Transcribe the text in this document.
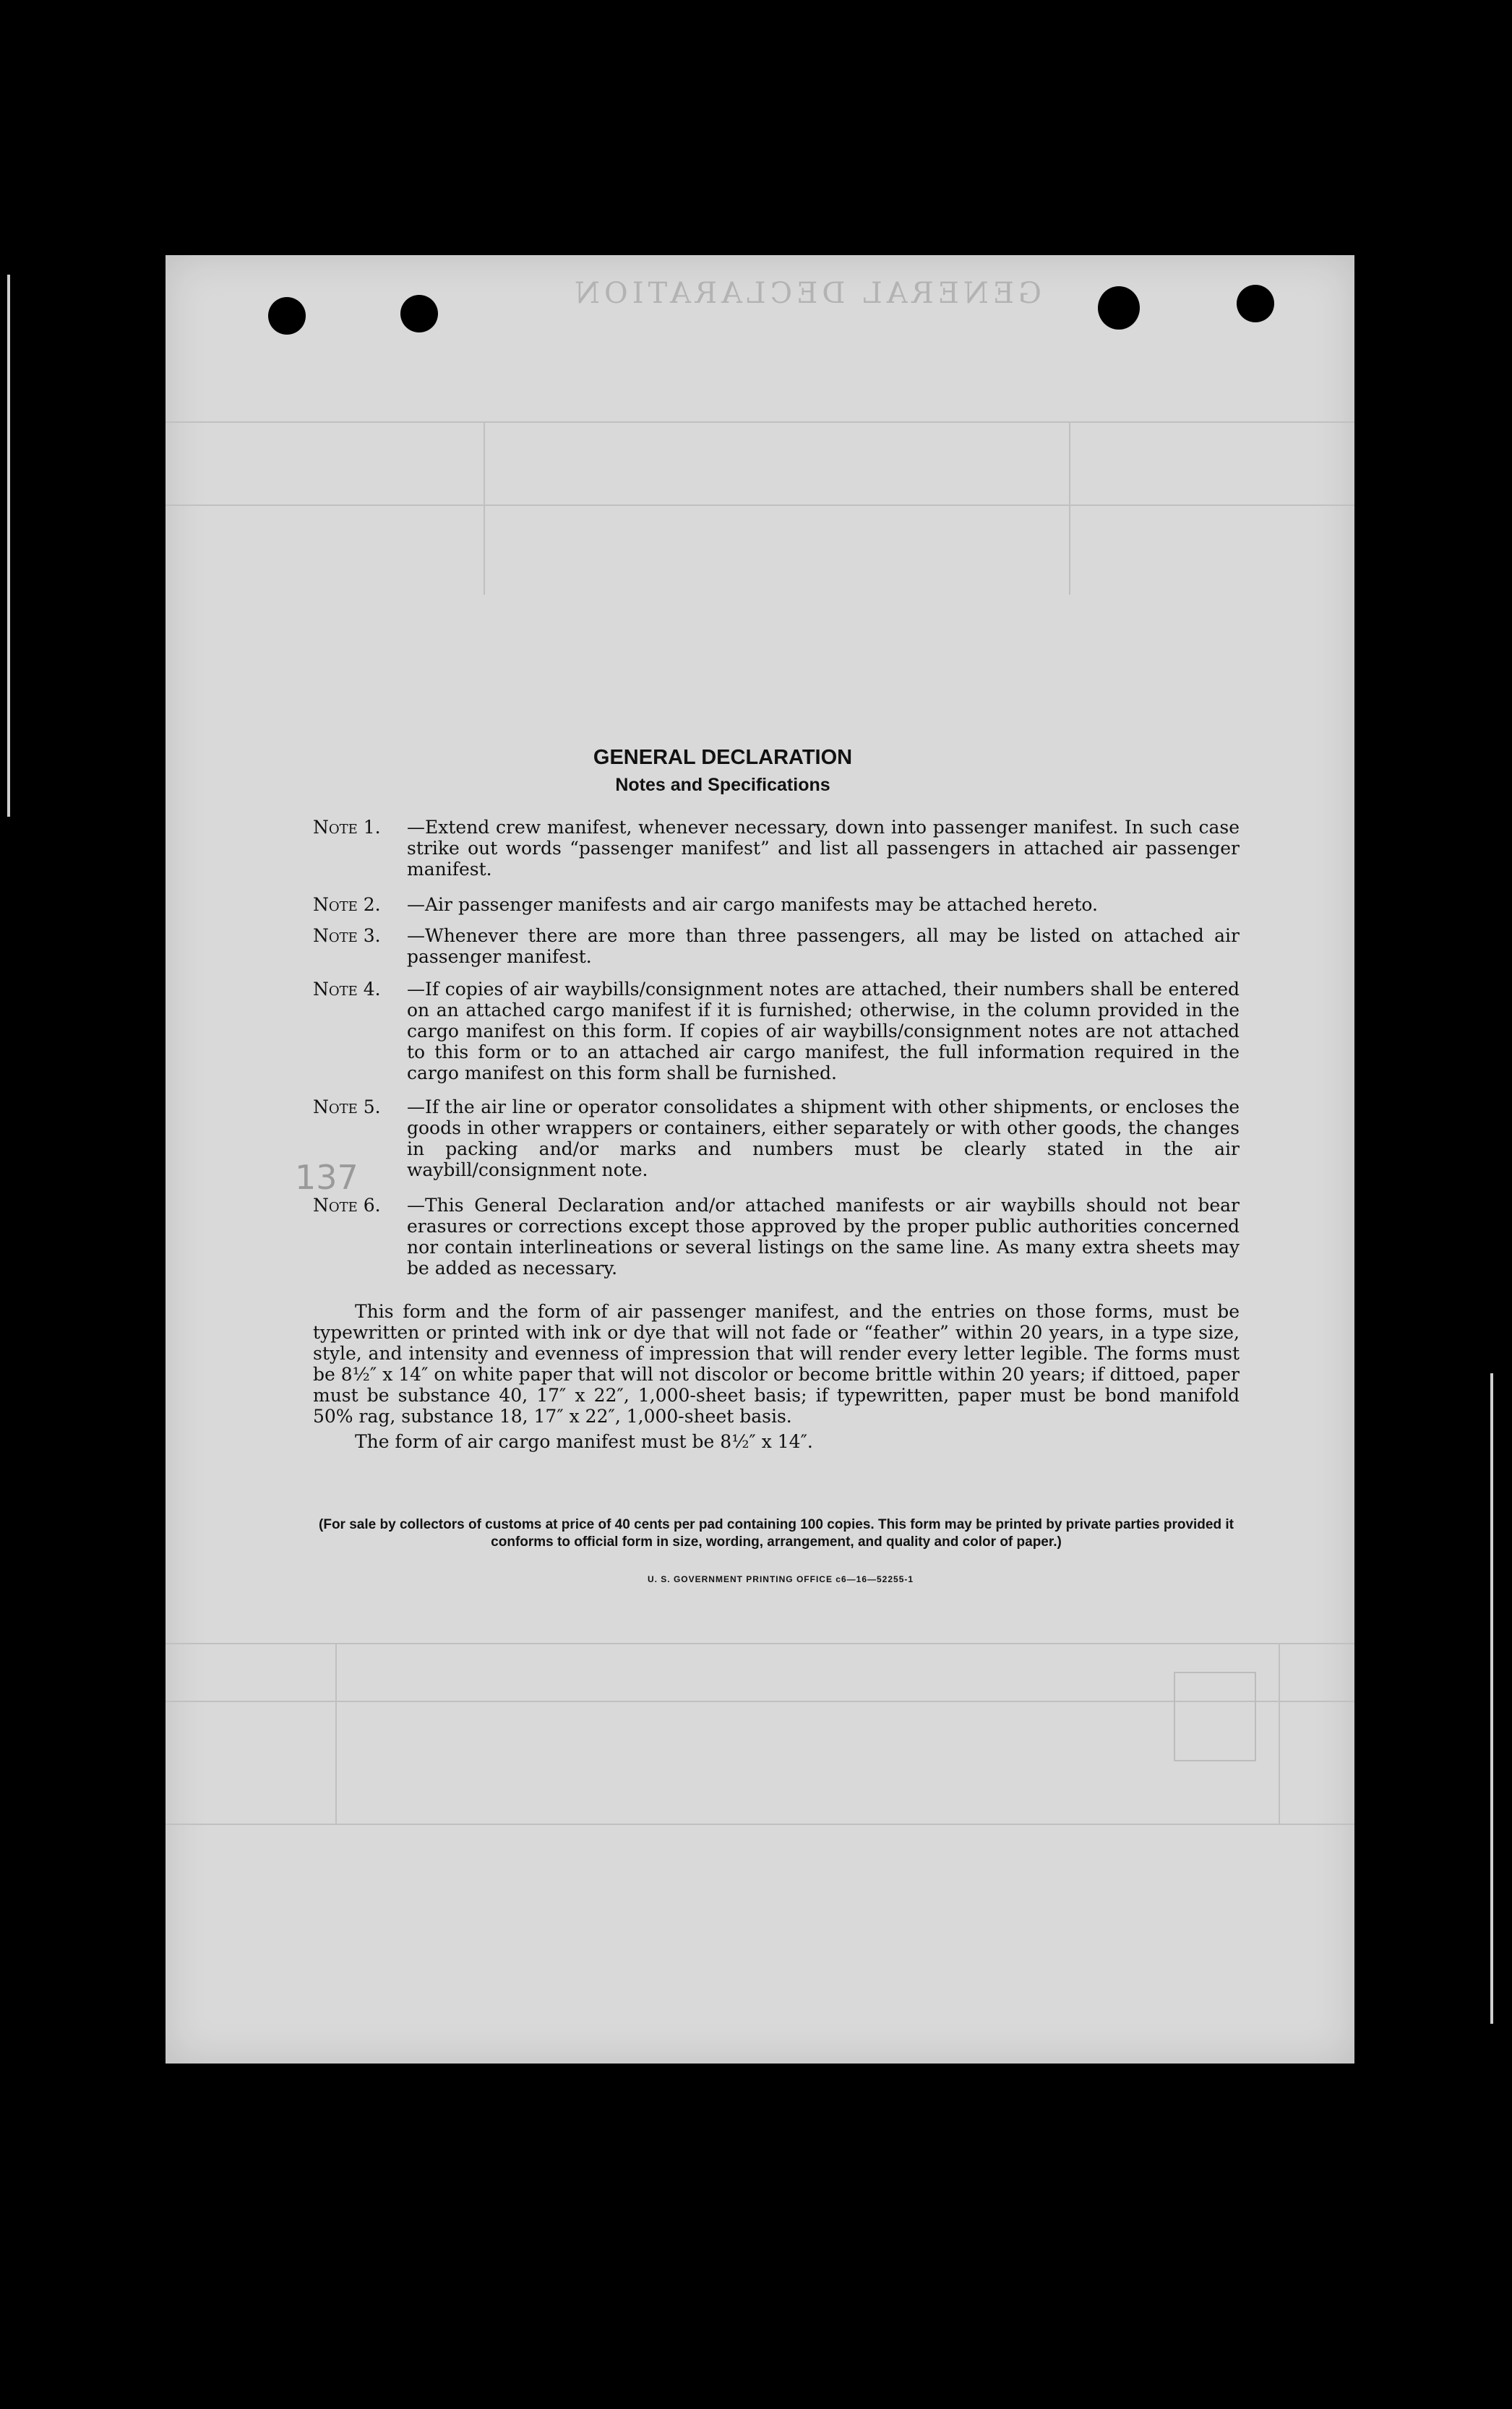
GENERAL DECLARATION
GENERAL DECLARATION
Notes and Specifications
Note 1.	—Extend crew manifest, whenever necessary, down into passenger manifest. In such case strike out words “passenger manifest” and list all passengers in attached air passenger manifest.
Note 2.	—Air passenger manifests and air cargo manifests may be attached hereto.
Note 3.	—Whenever there are more than three passengers, all may be listed on attached air passenger manifest.
Note 4.	—If copies of air waybills/consignment notes are attached, their numbers shall be entered on an attached cargo manifest if it is furnished; otherwise, in the column provided in the cargo manifest on this form. If copies of air waybills/consignment notes are not attached to this form or to an attached air cargo manifest, the full information required in the cargo manifest on this form shall be furnished.
Note 5.	—If the air line or operator consolidates a shipment with other shipments, or encloses the goods in other wrappers or containers, either separately or with other goods, the changes in packing and/or marks and numbers must be clearly stated in the air waybill/consignment note.
Note 6.	—This General Declaration and/or attached manifests or air waybills should not bear erasures or corrections except those approved by the proper public authorities concerned nor contain interlineations or several listings on the same line. As many extra sheets may be added as necessary.
This form and the form of air passenger manifest, and the entries on those forms, must be typewritten or printed with ink or dye that will not fade or “feather” within 20 years, in a type size, style, and intensity and evenness of impression that will render every letter legible. The forms must be 8½″ x 14″ on white paper that will not discolor or become brittle within 20 years; if dittoed, paper must be substance 40, 17″ x 22″, 1,000-sheet basis; if typewritten, paper must be bond manifold 50% rag, substance 18, 17″ x 22″, 1,000-sheet basis.
The form of air cargo manifest must be 8½″ x 14″.
(For sale by collectors of customs at price of 40 cents per pad containing 100 copies. This form may be printed by private parties provided it conforms to official form in size, wording, arrangement, and quality and color of paper.)
U. S. GOVERNMENT PRINTING OFFICE c6—16—52255-1
137
